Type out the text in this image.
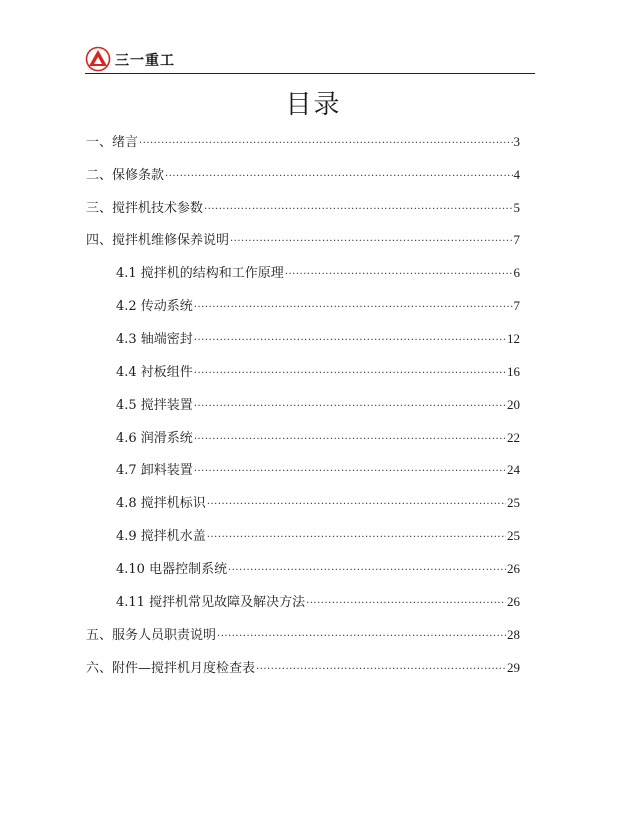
三一重工
目录
一、绪言 ·····	3
二、保修条款 ·····	4
三、搅拌机技术参数 ·····	5
四、搅拌机维修保养说明 ·····	7
4.1 搅拌机的结构和工作原理 ·····	6
4.2 传动系统 ·····	7
4.3 轴端密封 ·····	12
4.4 衬板组件 ·····	16
4.5 搅拌装置 ·····	20
4.6 润滑系统 ·····	22
4.7 卸料装置 ·····	24
4.8 搅拌机标识 ·····	25
4.9 搅拌机水盖 ·····	25
4.10 电器控制系统 ·····	26
4.11 搅拌机常见故障及解决方法 ·····	26
五、服务人员职责说明 ·····	28
六、附件—搅拌机月度检查表 ·····	29
